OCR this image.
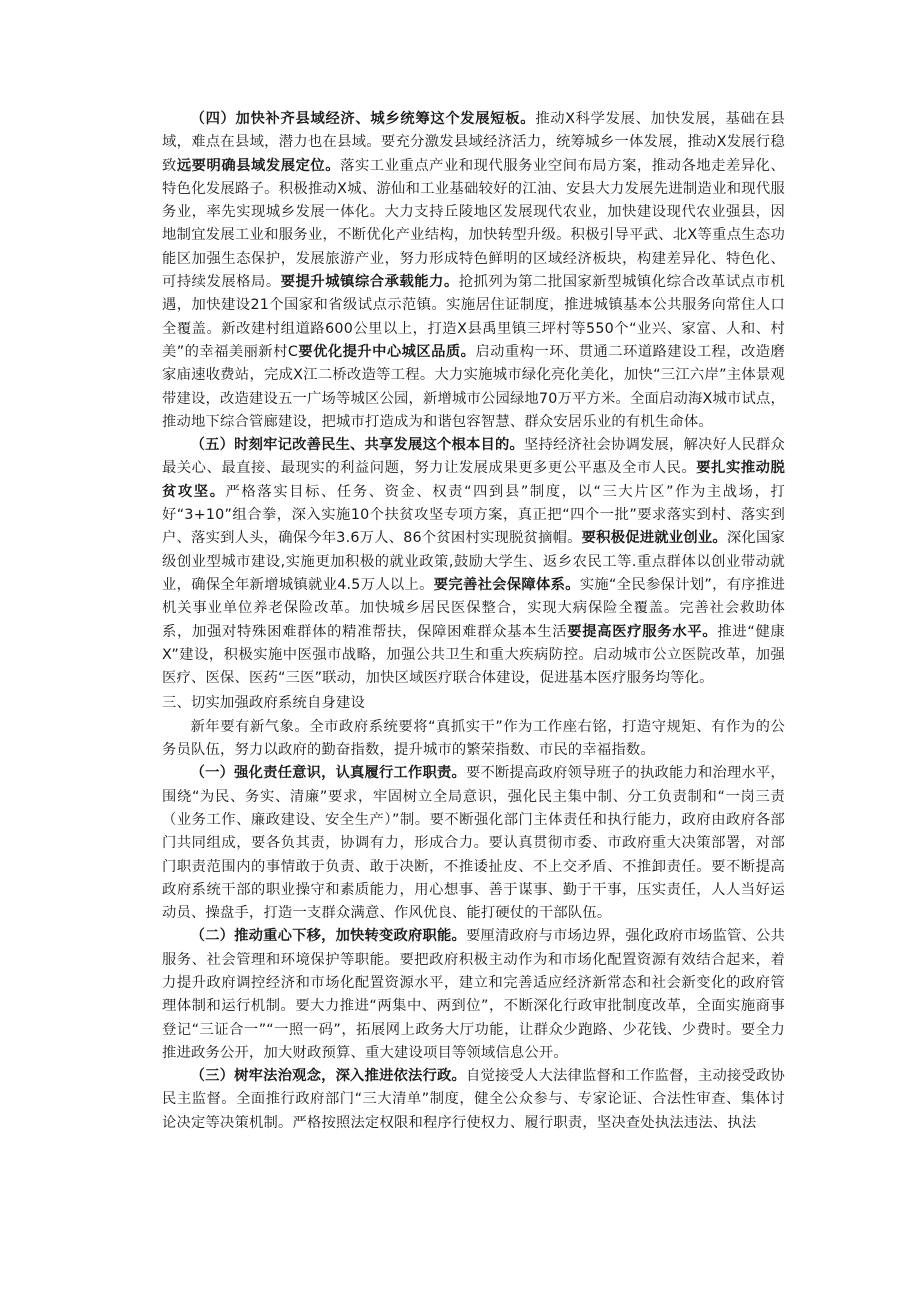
（四）加快补齐县域经济、城乡统筹这个发展短板。推动X科学发展、加快发展，基础在县域，难点在县域，潜力也在县域。要充分激发县域经济活力，统筹城乡一体发展，推动X发展行稳致远要明确县域发展定位。落实工业重点产业和现代服务业空间布局方案，推动各地走差异化、特色化发展路子。积极推动X城、游仙和工业基础较好的江油、安县大力发展先进制造业和现代服务业，率先实现城乡发展一体化。大力支持丘陵地区发展现代农业，加快建设现代农业强县，因地制宜发展工业和服务业，不断优化产业结构，加快转型升级。积极引导平武、北X等重点生态功能区加强生态保护，发展旅游产业，努力形成特色鲜明的区域经济板块，构建差异化、特色化、可持续发展格局。要提升城镇综合承载能力。抢抓列为第二批国家新型城镇化综合改革试点市机遇，加快建设21个国家和省级试点示范镇。实施居住证制度，推进城镇基本公共服务向常住人口全覆盖。新改建村组道路600公里以上，打造X县禹里镇三坪村等550个“业兴、家富、人和、村美”的幸福美丽新村C要优化提升中心城区品质。启动重构一环、贯通二环道路建设工程，改造磨家庙速收费站，完成X江二桥改造等工程。大力实施城市绿化亮化美化，加快“三江六岸”主体景观带建设，改造建设五一广场等城区公园，新增城市公园绿地70万平方米。全面启动海X城市试点，推动地下综合管廊建设，把城市打造成为和谐包容智慧、群众安居乐业的有机生命体。

（五）时刻牢记改善民生、共享发展这个根本目的。坚持经济社会协调发展，解决好人民群众最关心、最直接、最现实的利益问题，努力让发展成果更多更公平惠及全市人民。要扎实推动脱贫攻坚。严格落实目标、任务、资金、权责“四到县”制度，以“三大片区”作为主战场，打好“3+10”组合拳，深入实施10个扶贫攻坚专项方案，真正把“四个一批”要求落实到村、落实到户、落实到人头，确保今年3.6万人、86个贫困村实现脱贫摘帽。要积极促进就业创业。深化国家级创业型城市建设,实施更加积极的就业政策,鼓励大学生、返乡农民工等.重点群体以创业带动就业，确保全年新增城镇就业4.5万人以上。要完善社会保障体系。实施“全民参保计划”，有序推进机关事业单位养老保险改革。加快城乡居民医保整合，实现大病保险全覆盖。完善社会救助体系，加强对特殊困难群体的精准帮扶，保障困难群众基本生活要提高医疗服务水平。推进“健康X”建设，积极实施中医强市战略，加强公共卫生和重大疾病防控。启动城市公立医院改革，加强医疗、医保、医药“三医”联动，加快区域医疗联合体建设，促进基本医疗服务均等化。

三、切实加强政府系统自身建设

新年要有新气象。全市政府系统要将“真抓实干”作为工作座右铭，打造守规矩、有作为的公务员队伍，努力以政府的勤奋指数，提升城市的繁荣指数、市民的幸福指数。

（一）强化责任意识，认真履行工作职责。要不断提高政府领导班子的执政能力和治理水平，围绕“为民、务实、清廉”要求，牢固树立全局意识，强化民主集中制、分工负责制和“一岗三责（业务工作、廉政建设、安全生产）”制。要不断强化部门主体责任和执行能力，政府由政府各部门共同组成，要各负其责，协调有力，形成合力。要认真贯彻市委、市政府重大决策部署，对部门职责范围内的事情敢于负责、敢于决断，不推诿扯皮、不上交矛盾、不推卸责任。要不断提高政府系统干部的职业操守和素质能力，用心想事、善于谋事、勤于干事，压实责任，人人当好运动员、操盘手，打造一支群众满意、作风优良、能打硬仗的干部队伍。

（二）推动重心下移，加快转变政府职能。要厘清政府与市场边界，强化政府市场监管、公共服务、社会管理和环境保护等职能。要把政府积极主动作为和市场化配置资源有效结合起来，着力提升政府调控经济和市场化配置资源水平，建立和完善适应经济新常态和社会新变化的政府管理体制和运行机制。要大力推进“两集中、两到位”，不断深化行政审批制度改革，全面实施商事登记“三证合一”“一照一码”，拓展网上政务大厅功能，让群众少跑路、少花钱、少费时。要全力推进政务公开，加大财政预算、重大建设项目等领域信息公开。

（三）树牢法治观念，深入推进依法行政。自觉接受人大法律监督和工作监督，主动接受政协民主监督。全面推行政府部门“三大清单”制度，健全公众参与、专家论证、合法性审查、集体讨论决定等决策机制。严格按照法定权限和程序行使权力、履行职责，坚决查处执法违法、执法
